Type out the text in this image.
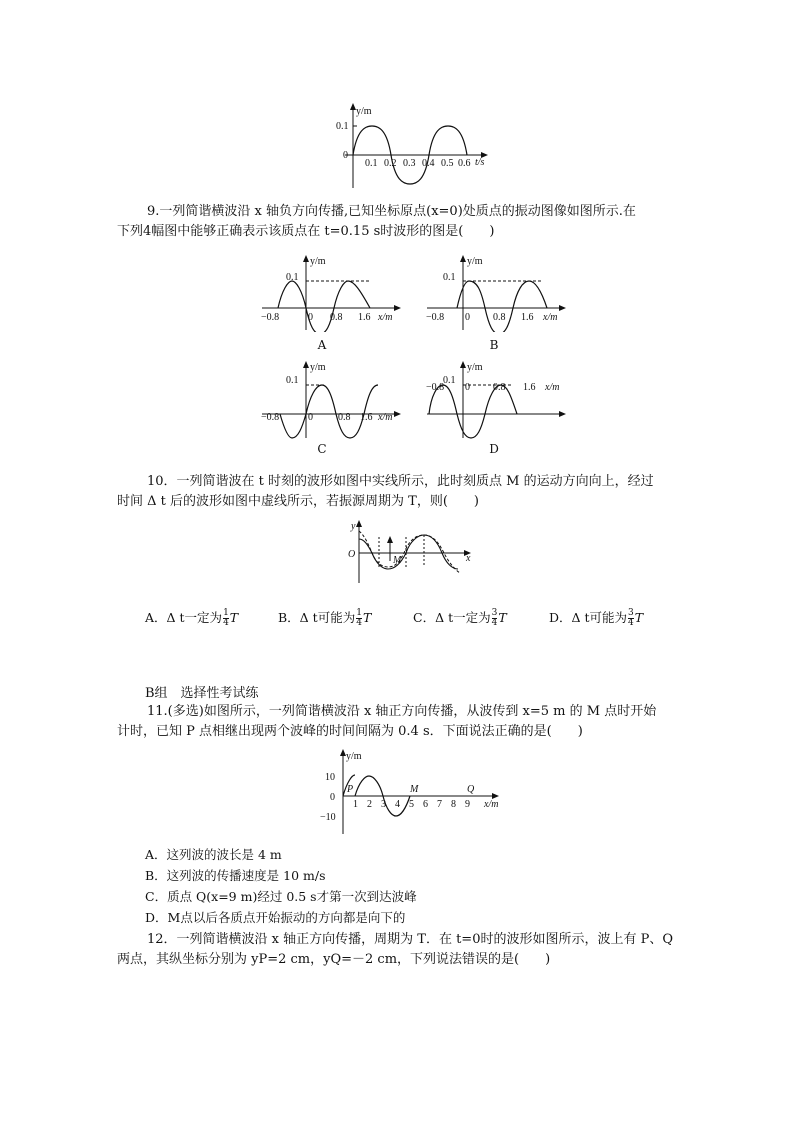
y/m
t/s
0.1
0
0.1 0.2 0.3 0.4 0.5 0.6
9.一列简谐横波沿 x 轴负方向传播,已知坐标原点(x=0)处质点的振动图像如图所示.在
下列4幅图中能够正确表示该质点在 t=0.15 s时波形的图是(　　)
y/m
0.1
−0.8	0 0.8 1.6 x/m
A
y/m
0.1
−0.8 0 0.8 1.6 x/m
B
y/m
0.1
−0.8	0	0.8 1.6 x/m
C
y/m
0.1
−0.8 0 0.8 1.6 x/m
D
10．一列简谐波在 t 时刻的波形如图中实线所示，此时刻质点 M 的运动方向向上，经过
时间 Δ t 后的波形如图中虚线所示，若振源周期为 T，则(　　)
y
O	x
M
A．Δ t一定为 $\frac{1}{4}$ T	B．Δ t可能为 $\frac{1}{4}$ T	C．Δ t一定为 $\frac{3}{4}$ T	D．Δ t可能为 $\frac{3}{4}$ T
B组　选择性考试练
11.(多选)如图所示，一列简谐横波沿 x 轴正方向传播，从波传到 x=5 m 的 M 点时开始
计时，已知 P 点相继出现两个波峰的时间间隔为 0.4 s．下面说法正确的是(　　)
y/m
x/m
10
0
−10
P	M	Q
1 2 3 4 5 6 7 8 9
A．这列波的波长是 4 m
B．这列波的传播速度是 10 m/s
C．质点 Q(x=9 m)经过 0.5 s才第一次到达波峰
D．M点以后各质点开始振动的方向都是向下的
12．一列简谐横波沿 x 轴正方向传播，周期为 T．在 t=0时的波形如图所示，波上有 P、Q
两点，其纵坐标分别为 yP=2 cm，yQ=－2 cm，下列说法错误的是(　　)
